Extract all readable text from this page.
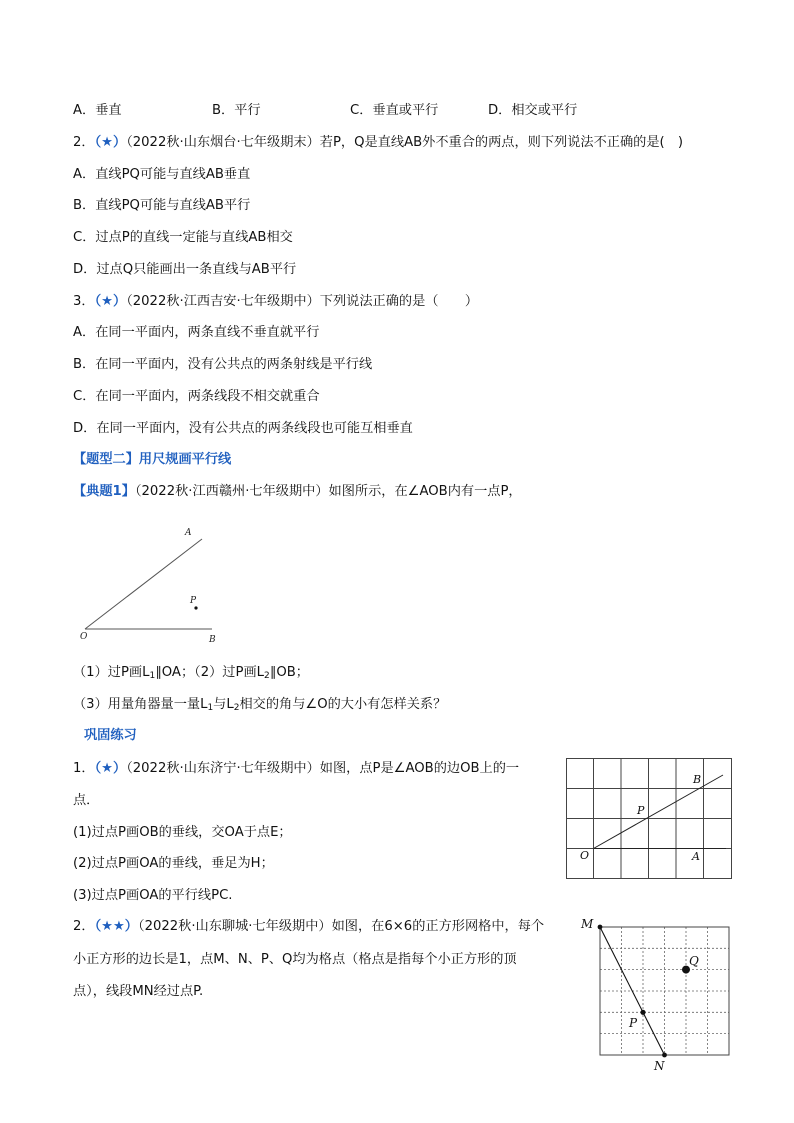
A．垂直	B．平行	C．垂直或平行	D．相交或平行
2．（★）（2022秋·山东烟台·七年级期末）若P，Q是直线AB外不重合的两点，则下列说法不正确的是(　)
A．直线PQ可能与直线AB垂直
B．直线PQ可能与直线AB平行
C．过点P的直线一定能与直线AB相交
D．过点Q只能画出一条直线与AB平行
3．（★）（2022秋·江西吉安·七年级期中）下列说法正确的是（　　）
A．在同一平面内，两条直线不垂直就平行
B．在同一平面内，没有公共点的两条射线是平行线
C．在同一平面内，两条线段不相交就重合
D．在同一平面内，没有公共点的两条线段也可能互相垂直
【题型二】用尺规画平行线
【典题1】（2022秋·江西赣州·七年级期中）如图所示，在∠AOB内有一点P，
A
P
O	B
（1）过P画$L_1\parallel OA$；（2）过P画$L_2\parallel OB$；
（3）用量角器量一量$L_1$与$L_2$相交的角与∠O的大小有怎样关系？
巩固练习
1．（★）（2022秋·山东济宁·七年级期中）如图，点P是∠AOB的边OB上的一
点．
(1)过点P画OB的垂线，交OA于点E；
(2)过点P画OA的垂线，垂足为H；
(3)过点P画OA的平行线PC.
B
P
O	A
2．（★★）（2022秋·山东聊城·七年级期中）如图，在6×6的正方形网格中，每个
小正方形的边长是1，点M、N、P、Q均为格点（格点是指每个小正方形的顶
点），线段MN经过点P.
M
Q
P
N
